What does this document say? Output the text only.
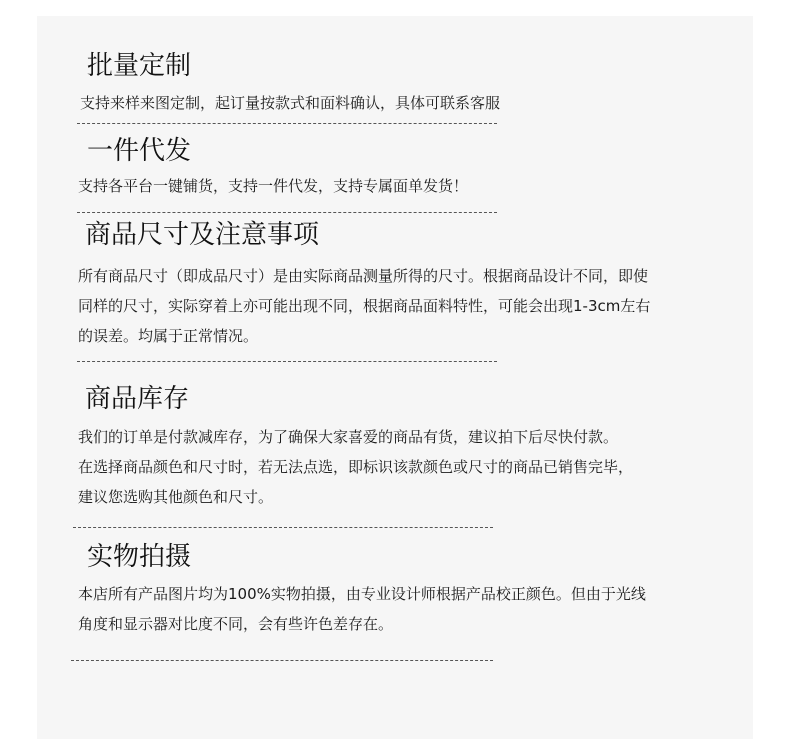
批量定制

支持来样来图定制，起订量按款式和面料确认，具体可联系客服

一件代发

支持各平台一键铺货，支持一件代发，支持专属面单发货！

商品尺寸及注意事项

所有商品尺寸（即成品尺寸）是由实际商品测量所得的尺寸。根据商品设计不同，即使

同样的尺寸，实际穿着上亦可能出现不同，根据商品面料特性，可能会出现1-3cm左右

的误差。均属于正常情况。

商品库存

我们的订单是付款减库存，为了确保大家喜爱的商品有货，建议拍下后尽快付款。

在选择商品颜色和尺寸时，若无法点选，即标识该款颜色或尺寸的商品已销售完毕，

建议您选购其他颜色和尺寸。

实物拍摄

本店所有产品图片均为100%实物拍摄，由专业设计师根据产品校正颜色。但由于光线

角度和显示器对比度不同，会有些许色差存在。
